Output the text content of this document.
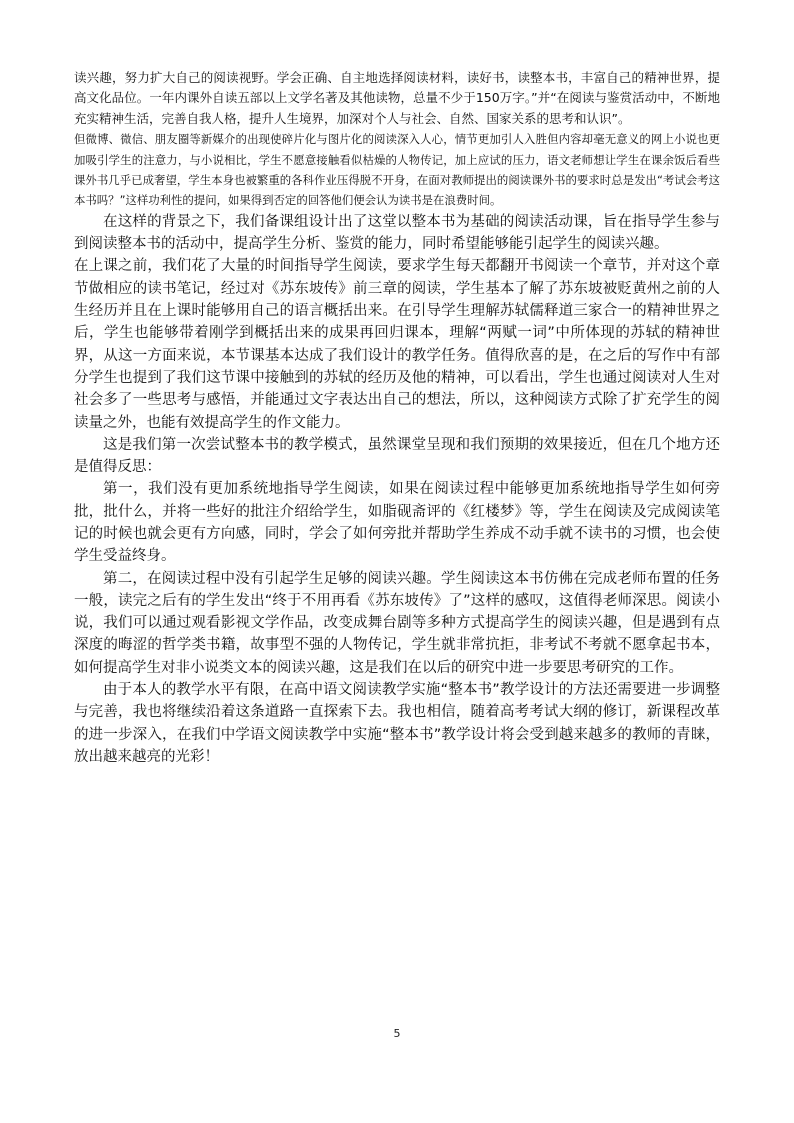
读兴趣，努力扩大自己的阅读视野。学会正确、自主地选择阅读材料，读好书，读整本书，丰富自己的精神世界，提高文化品位。一年内课外自读五部以上文学名著及其他读物，总量不少于150万字。”并“在阅读与鉴赏活动中，不断地充实精神生活，完善自我人格，提升人生境界，加深对个人与社会、自然、国家关系的思考和认识”。

但微博、微信、朋友圈等新媒介的出现使碎片化与图片化的阅读深入人心，情节更加引人入胜但内容却毫无意义的网上小说也更加吸引学生的注意力，与小说相比，学生不愿意接触看似枯燥的人物传记，加上应试的压力，语文老师想让学生在课余饭后看些课外书几乎已成奢望，学生本身也被繁重的各科作业压得脱不开身，在面对教师提出的阅读课外书的要求时总是发出“考试会考这本书吗？”这样功利性的提问，如果得到否定的回答他们便会认为读书是在浪费时间。

在这样的背景之下，我们备课组设计出了这堂以整本书为基础的阅读活动课，旨在指导学生参与到阅读整本书的活动中，提高学生分析、鉴赏的能力，同时希望能够能引起学生的阅读兴趣。

在上课之前，我们花了大量的时间指导学生阅读，要求学生每天都翻开书阅读一个章节，并对这个章节做相应的读书笔记，经过对《苏东坡传》前三章的阅读，学生基本了解了苏东坡被贬黄州之前的人生经历并且在上课时能够用自己的语言概括出来。在引导学生理解苏轼儒释道三家合一的精神世界之后，学生也能够带着刚学到概括出来的成果再回归课本，理解“两赋一词”中所体现的苏轼的精神世界，从这一方面来说，本节课基本达成了我们设计的教学任务。值得欣喜的是，在之后的写作中有部分学生也提到了我们这节课中接触到的苏轼的经历及他的精神，可以看出，学生也通过阅读对人生对社会多了一些思考与感悟，并能通过文字表达出自己的想法，所以，这种阅读方式除了扩充学生的阅读量之外，也能有效提高学生的作文能力。

这是我们第一次尝试整本书的教学模式，虽然课堂呈现和我们预期的效果接近，但在几个地方还是值得反思：

第一，我们没有更加系统地指导学生阅读，如果在阅读过程中能够更加系统地指导学生如何旁批，批什么，并将一些好的批注介绍给学生，如脂砚斋评的《红楼梦》等，学生在阅读及完成阅读笔记的时候也就会更有方向感，同时，学会了如何旁批并帮助学生养成不动手就不读书的习惯，也会使学生受益终身。

第二，在阅读过程中没有引起学生足够的阅读兴趣。学生阅读这本书仿佛在完成老师布置的任务一般，读完之后有的学生发出“终于不用再看《苏东坡传》了”这样的感叹，这值得老师深思。阅读小说，我们可以通过观看影视文学作品，改变成舞台剧等多种方式提高学生的阅读兴趣，但是遇到有点深度的晦涩的哲学类书籍，故事型不强的人物传记，学生就非常抗拒，非考试不考就不愿拿起书本，如何提高学生对非小说类文本的阅读兴趣，这是我们在以后的研究中进一步要思考研究的工作。

由于本人的教学水平有限，在高中语文阅读教学实施“整本书”教学设计的方法还需要进一步调整与完善，我也将继续沿着这条道路一直探索下去。我也相信，随着高考考试大纲的修订，新课程改革的进一步深入，在我们中学语文阅读教学中实施“整本书”教学设计将会受到越来越多的教师的青睐，放出越来越亮的光彩！

5
